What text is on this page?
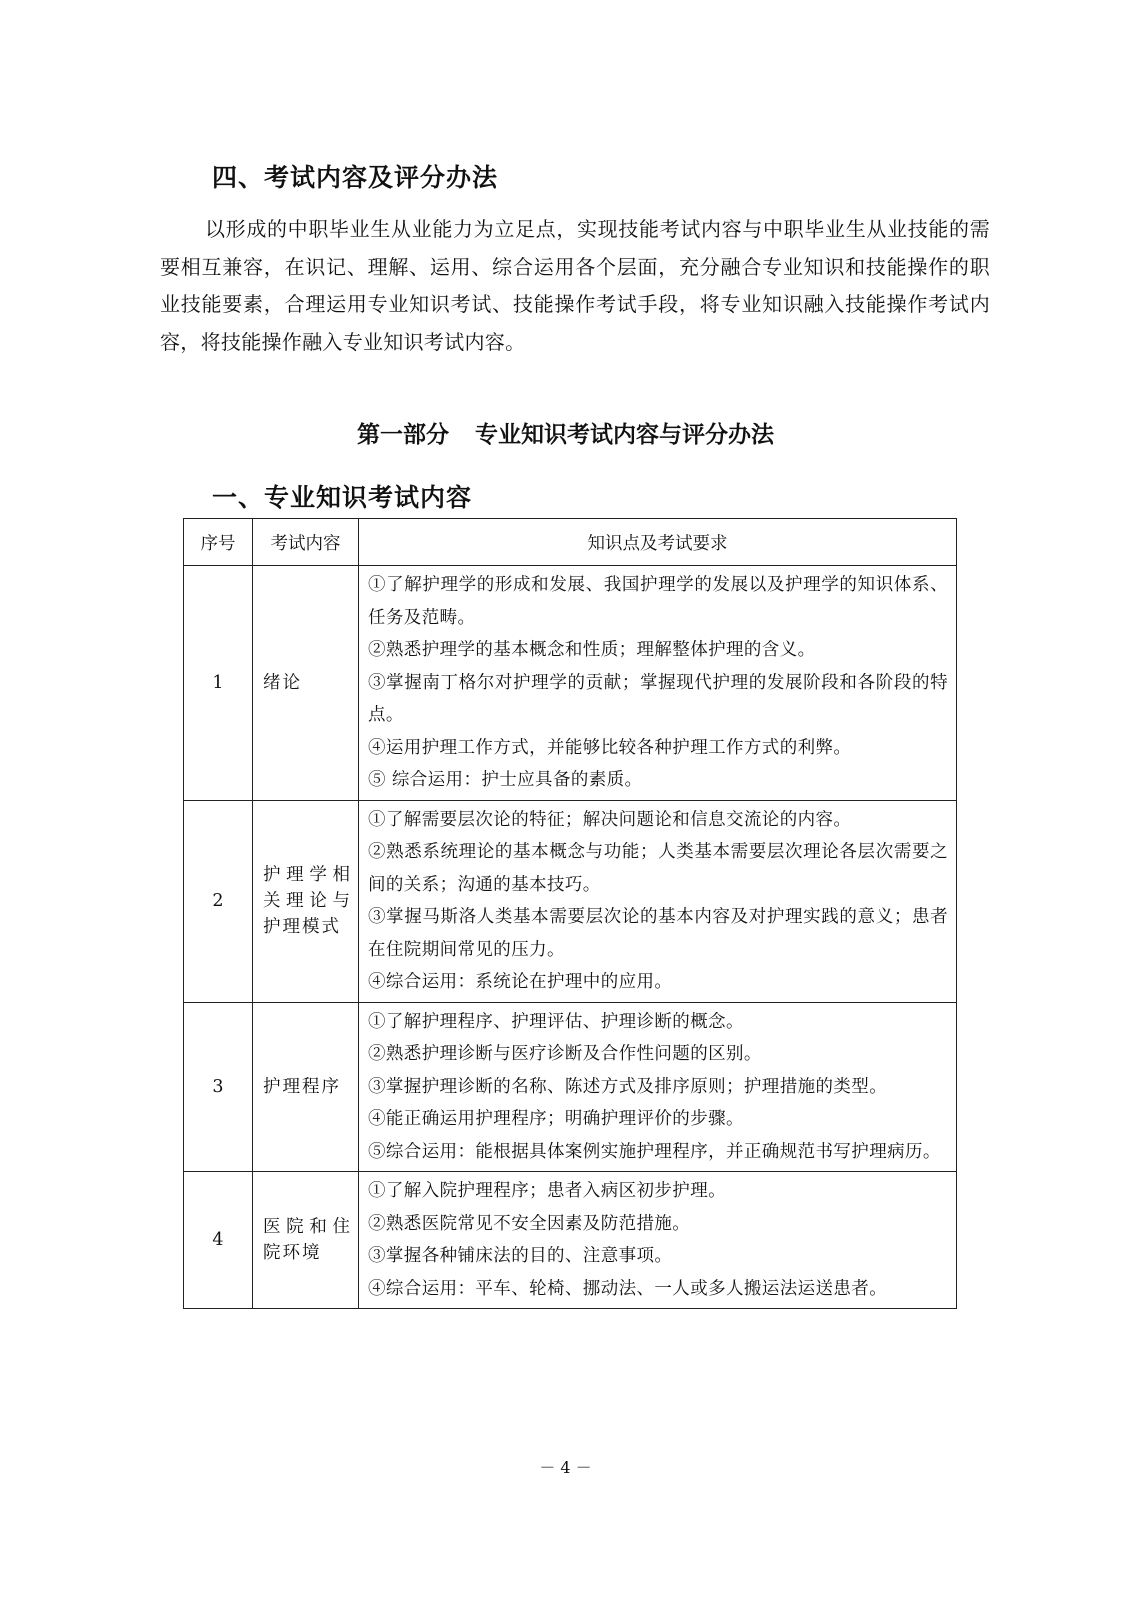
四、考试内容及评分办法

以形成的中职毕业生从业能力为立足点，实现技能考试内容与中职毕业生从业技能的需要相互兼容，在识记、理解、运用、综合运用各个层面，充分融合专业知识和技能操作的职业技能要素，合理运用专业知识考试、技能操作考试手段，将专业知识融入技能操作考试内容，将技能操作融入专业知识考试内容。

第一部分 专业知识考试内容与评分办法
一、专业知识考试内容
序号	考试内容	知识点及考试要求
1	绪论	①了解护理学的形成和发展、我国护理学的发展以及护理学的知识体系、任务及范畴。
②熟悉护理学的基本概念和性质；理解整体护理的含义。
③掌握南丁格尔对护理学的贡献；掌握现代护理的发展阶段和各阶段的特点。
④运用护理工作方式，并能够比较各种护理工作方式的利弊。
⑤ 综合运用：护士应具备的素质。

2	护理学相关理论与护理模式	①了解需要层次论的特征；解决问题论和信息交流论的内容。
②熟悉系统理论的基本概念与功能；人类基本需要层次理论各层次需要之间的关系；沟通的基本技巧。
③掌握马斯洛人类基本需要层次论的基本内容及对护理实践的意义；患者在住院期间常见的压力。
④综合运用：系统论在护理中的应用。

3	护理程序	①了解护理程序、护理评估、护理诊断的概念。
②熟悉护理诊断与医疗诊断及合作性问题的区别。
③掌握护理诊断的名称、陈述方式及排序原则；护理措施的类型。
④能正确运用护理程序；明确护理评价的步骤。
⑤综合运用：能根据具体案例实施护理程序，并正确规范书写护理病历。

4	医院和住院环境	①了解入院护理程序；患者入病区初步护理。
②熟悉医院常见不安全因素及防范措施。
③掌握各种铺床法的目的、注意事项。
④综合运用：平车、轮椅、挪动法、一人或多人搬运法运送患者。
－ 4 －
